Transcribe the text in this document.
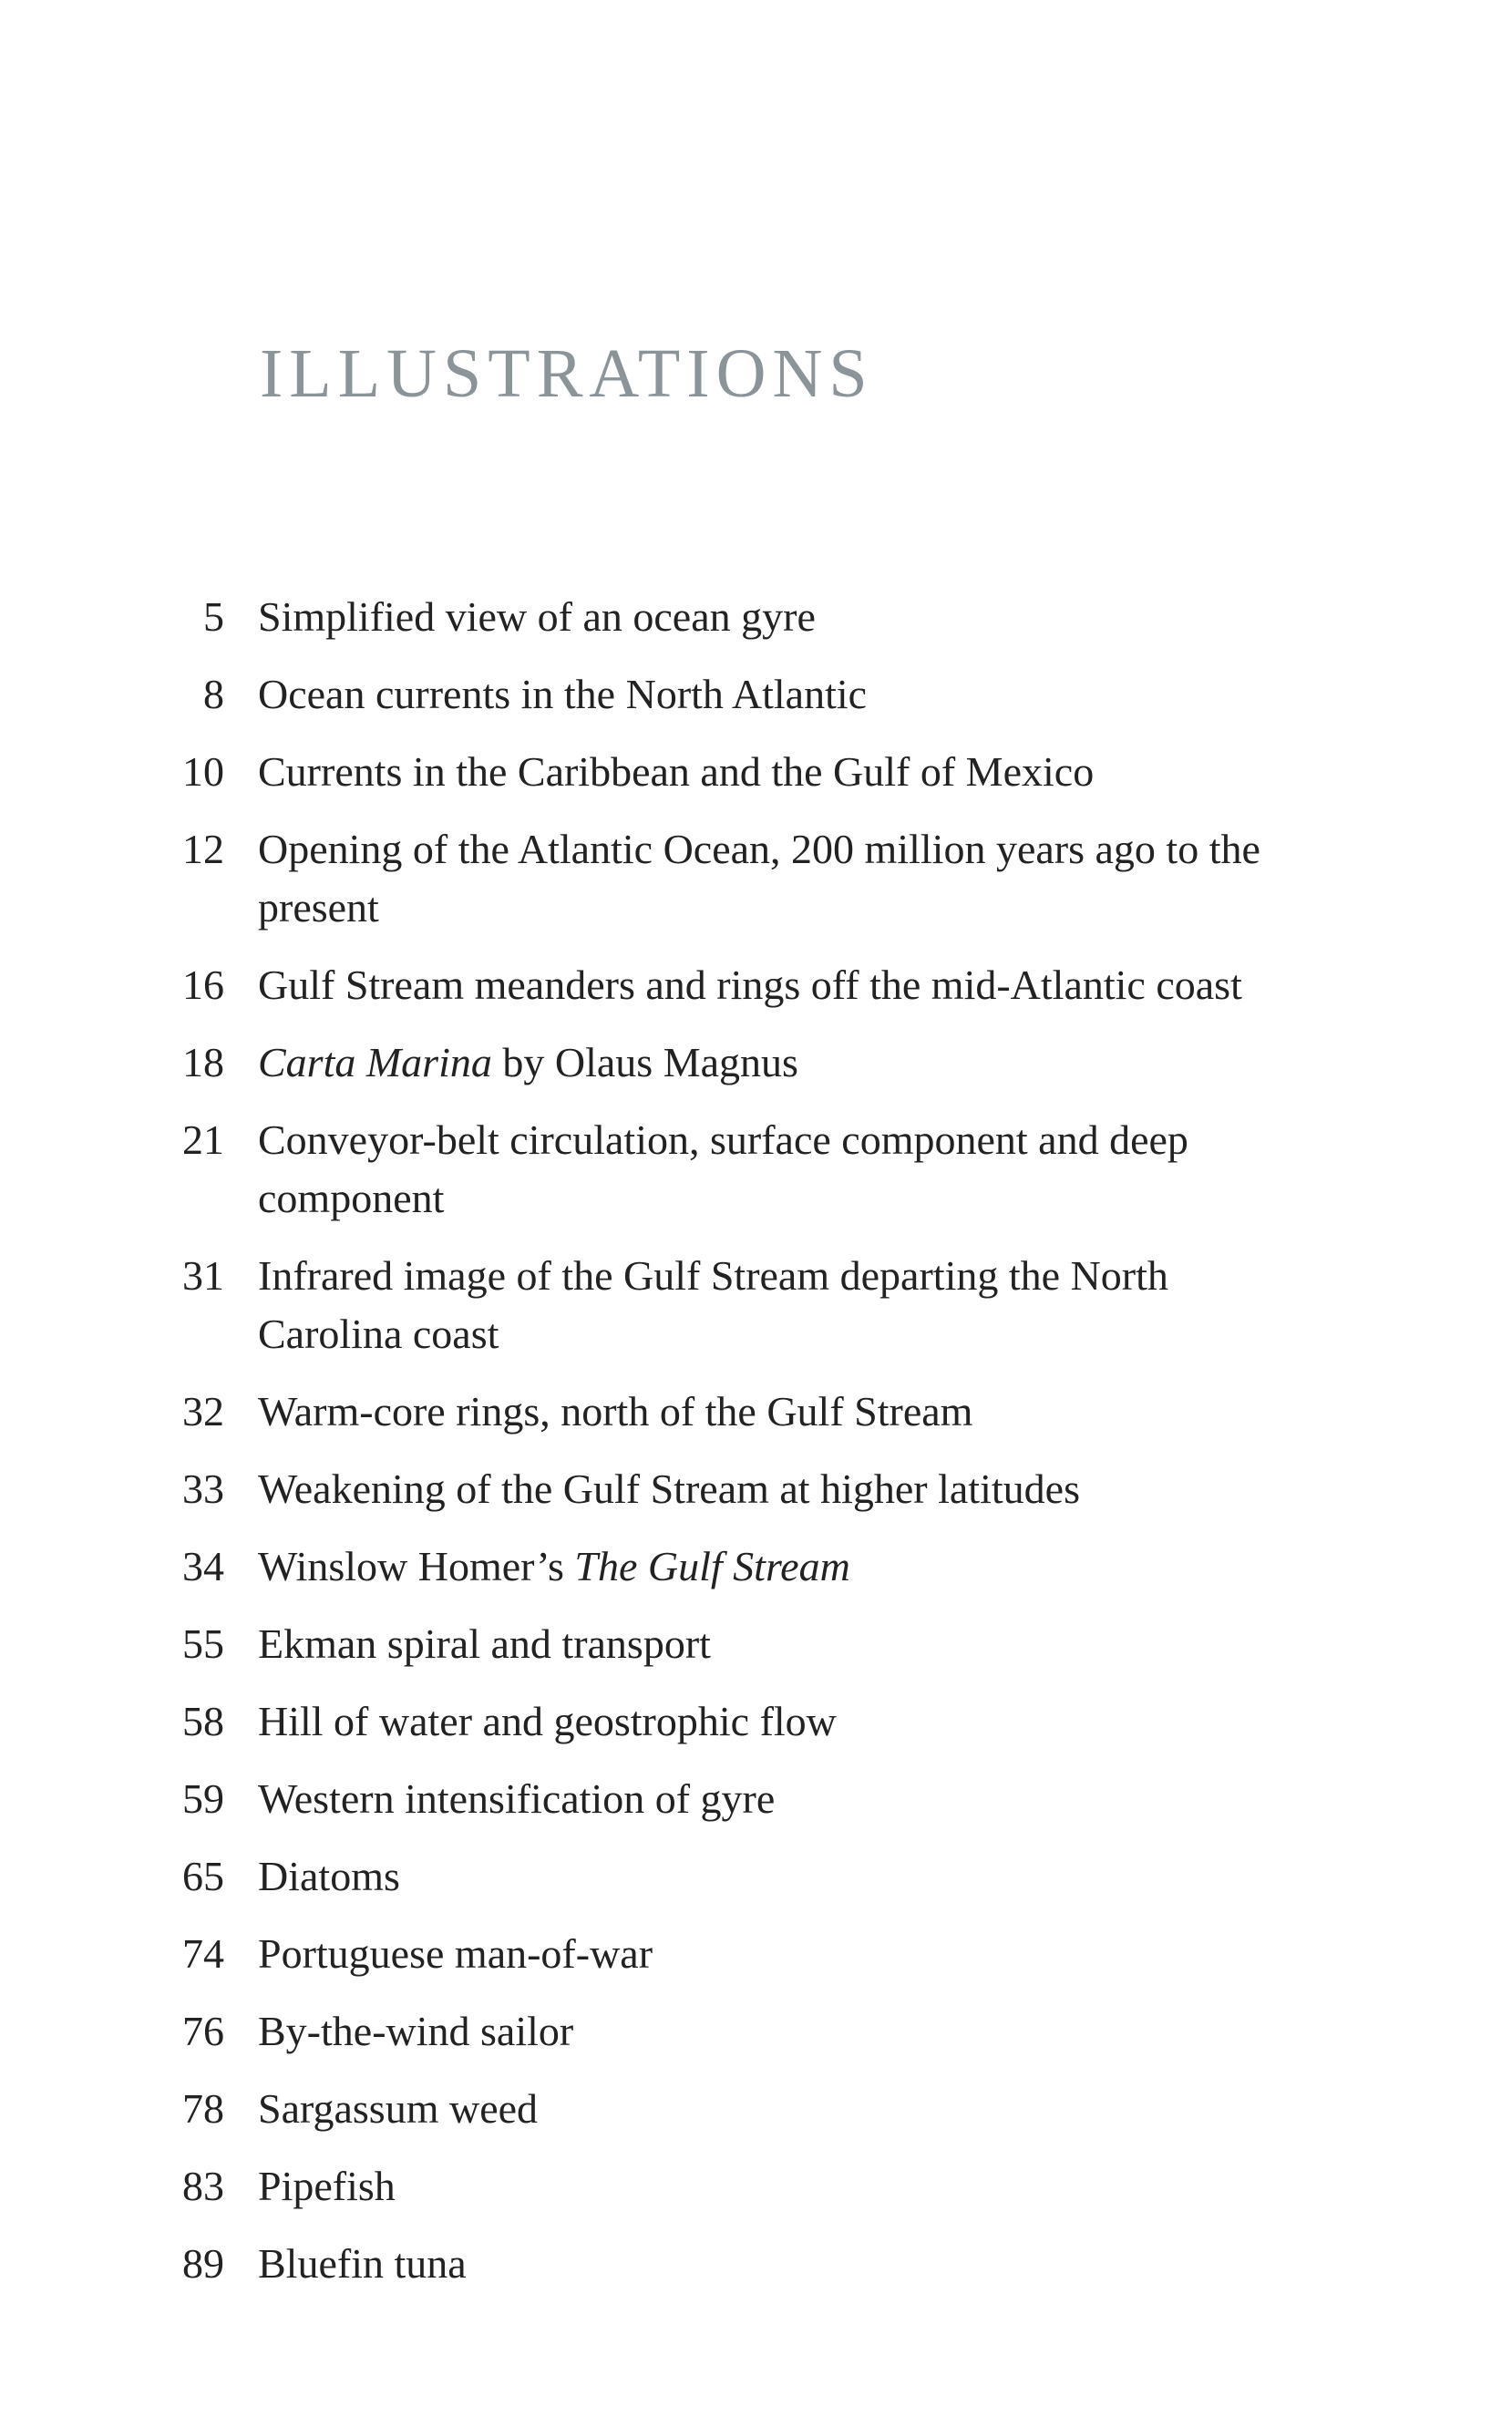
ILLUSTRATIONS
5 Simplified view of an ocean gyre
8 Ocean currents in the North Atlantic
10 Currents in the Caribbean and the Gulf of Mexico
12 Opening of the Atlantic Ocean, 200 million years ago to the present
16 Gulf Stream meanders and rings off the mid-Atlantic coast
18 Carta Marina by Olaus Magnus
21 Conveyor-belt circulation, surface component and deep component
31 Infrared image of the Gulf Stream departing the North Carolina coast
32 Warm-core rings, north of the Gulf Stream
33 Weakening of the Gulf Stream at higher latitudes
34 Winslow Homer’s The Gulf Stream
55 Ekman spiral and transport
58 Hill of water and geostrophic flow
59 Western intensification of gyre
65 Diatoms
74 Portuguese man-of-war
76 By-the-wind sailor
78 Sargassum weed
83 Pipefish
89 Bluefin tuna
